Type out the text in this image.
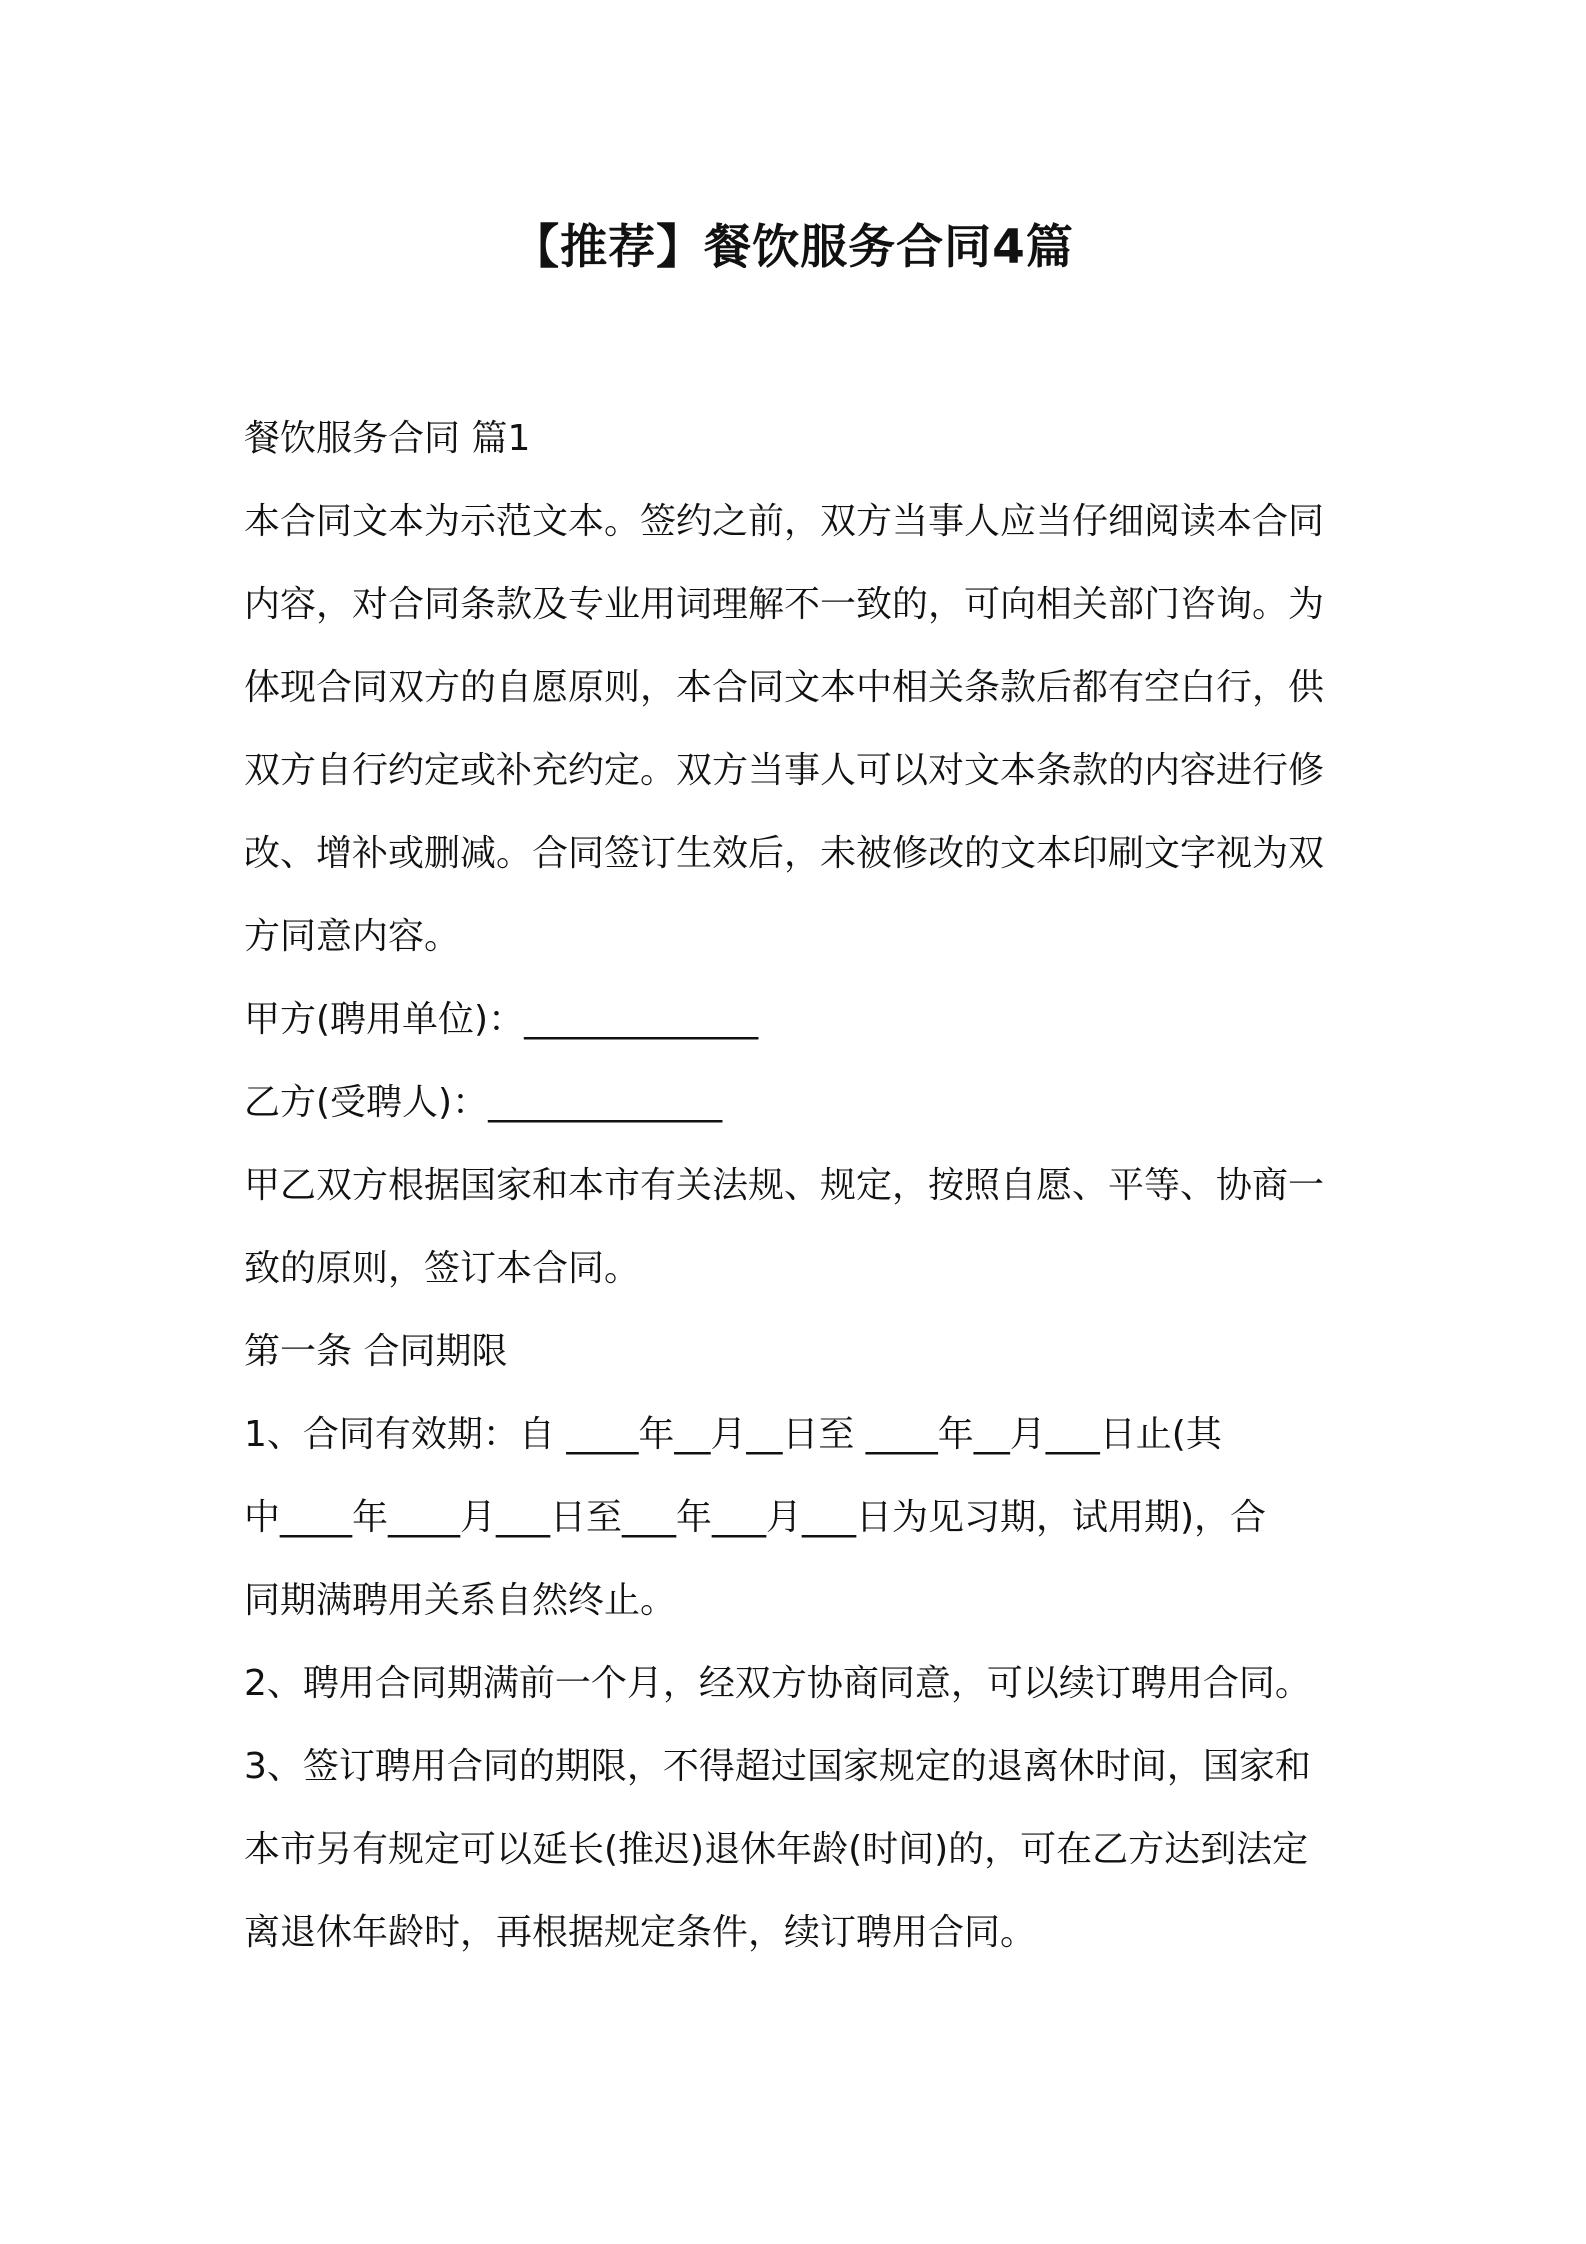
【推荐】餐饮服务合同4篇
餐饮服务合同 篇1
本合同文本为示范文本。签约之前，双方当事人应当仔细阅读本合同
内容，对合同条款及专业用词理解不一致的，可向相关部门咨询。为
体现合同双方的自愿原则，本合同文本中相关条款后都有空白行，供
双方自行约定或补充约定。双方当事人可以对文本条款的内容进行修
改、增补或删减。合同签订生效后，未被修改的文本印刷文字视为双
方同意内容。
甲方(聘用单位)：_____________
乙方(受聘人)：_____________
甲乙双方根据国家和本市有关法规、规定，按照自愿、平等、协商一
致的原则，签订本合同。
第一条 合同期限
1、合同有效期：自 ____年__月__日至 ____年__月___日止(其
中____年____月___日至___年___月___日为见习期，试用期)，合
同期满聘用关系自然终止。
2、聘用合同期满前一个月，经双方协商同意，可以续订聘用合同。
3、签订聘用合同的期限，不得超过国家规定的退离休时间，国家和
本市另有规定可以延长(推迟)退休年龄(时间)的，可在乙方达到法定
离退休年龄时，再根据规定条件，续订聘用合同。
